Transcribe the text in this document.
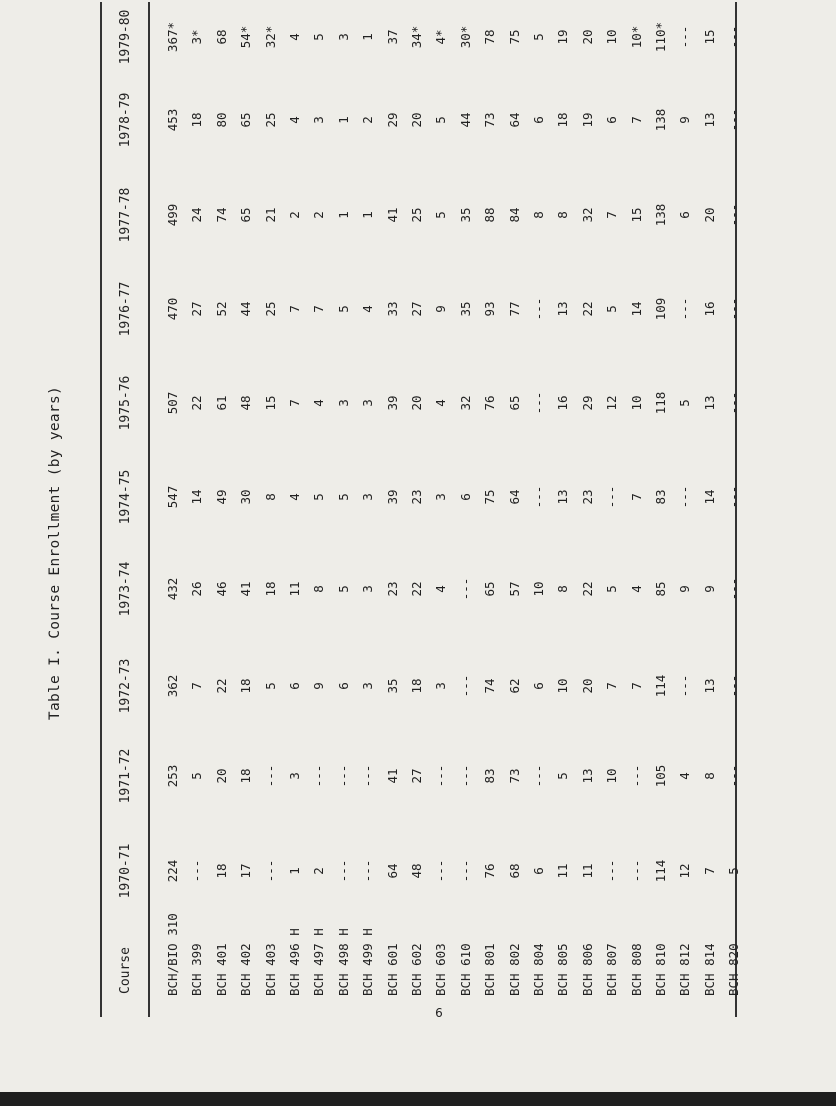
Table I. Course Enrollment (by years)
Course
1970-71
1971-72
1972-73
1973-74
1974-75
1975-76
1976-77
1977-78
1978-79
1979-80
BCH/BIO 310
224
253
362
432
547
507
470
499
453
367*
BCH 399
---
5
7
26
14
22
27
24
18
3*
BCH 401
18
20
22
46
49
61
52
74
80
68
BCH 402
17
18
18
41
30
48
44
65
65
54*
BCH 403
---
---
5
18
8
15
25
21
25
32*
BCH 496 H
1
3
6
11
4
7
7
2
4
4
BCH 497 H
2
---
9
8
5
4
7
2
3
5
BCH 498 H
---
---
6
5
5
3
5
1
1
3
BCH 499 H
---
---
3
3
3
3
4
1
2
1
BCH 601
64
41
35
23
39
39
33
41
29
37
BCH 602
48
27
18
22
23
20
27
25
20
34*
BCH 603
---
---
3
4
3
4
9
5
5
4*
BCH 610
---
---
---
---
6
32
35
35
44
30*
BCH 801
76
83
74
65
75
76
93
88
73
78
BCH 802
68
73
62
57
64
65
77
84
64
75
BCH 804
6
---
6
10
---
---
---
8
6
5
BCH 805
11
5
10
8
13
16
13
8
18
19
BCH 806
11
13
20
22
23
29
22
32
19
20
BCH 807
---
10
7
5
---
12
5
7
6
10
BCH 808
---
---
7
4
7
10
14
15
7
10*
BCH 810
114
105
114
85
83
118
109
138
138
110*
BCH 812
12
4
---
9
---
5
---
6
9
---
BCH 814
7
8
13
9
14
13
16
20
13
15
BCH 820
5
---
---
---
---
---
---
---
---
---
6
